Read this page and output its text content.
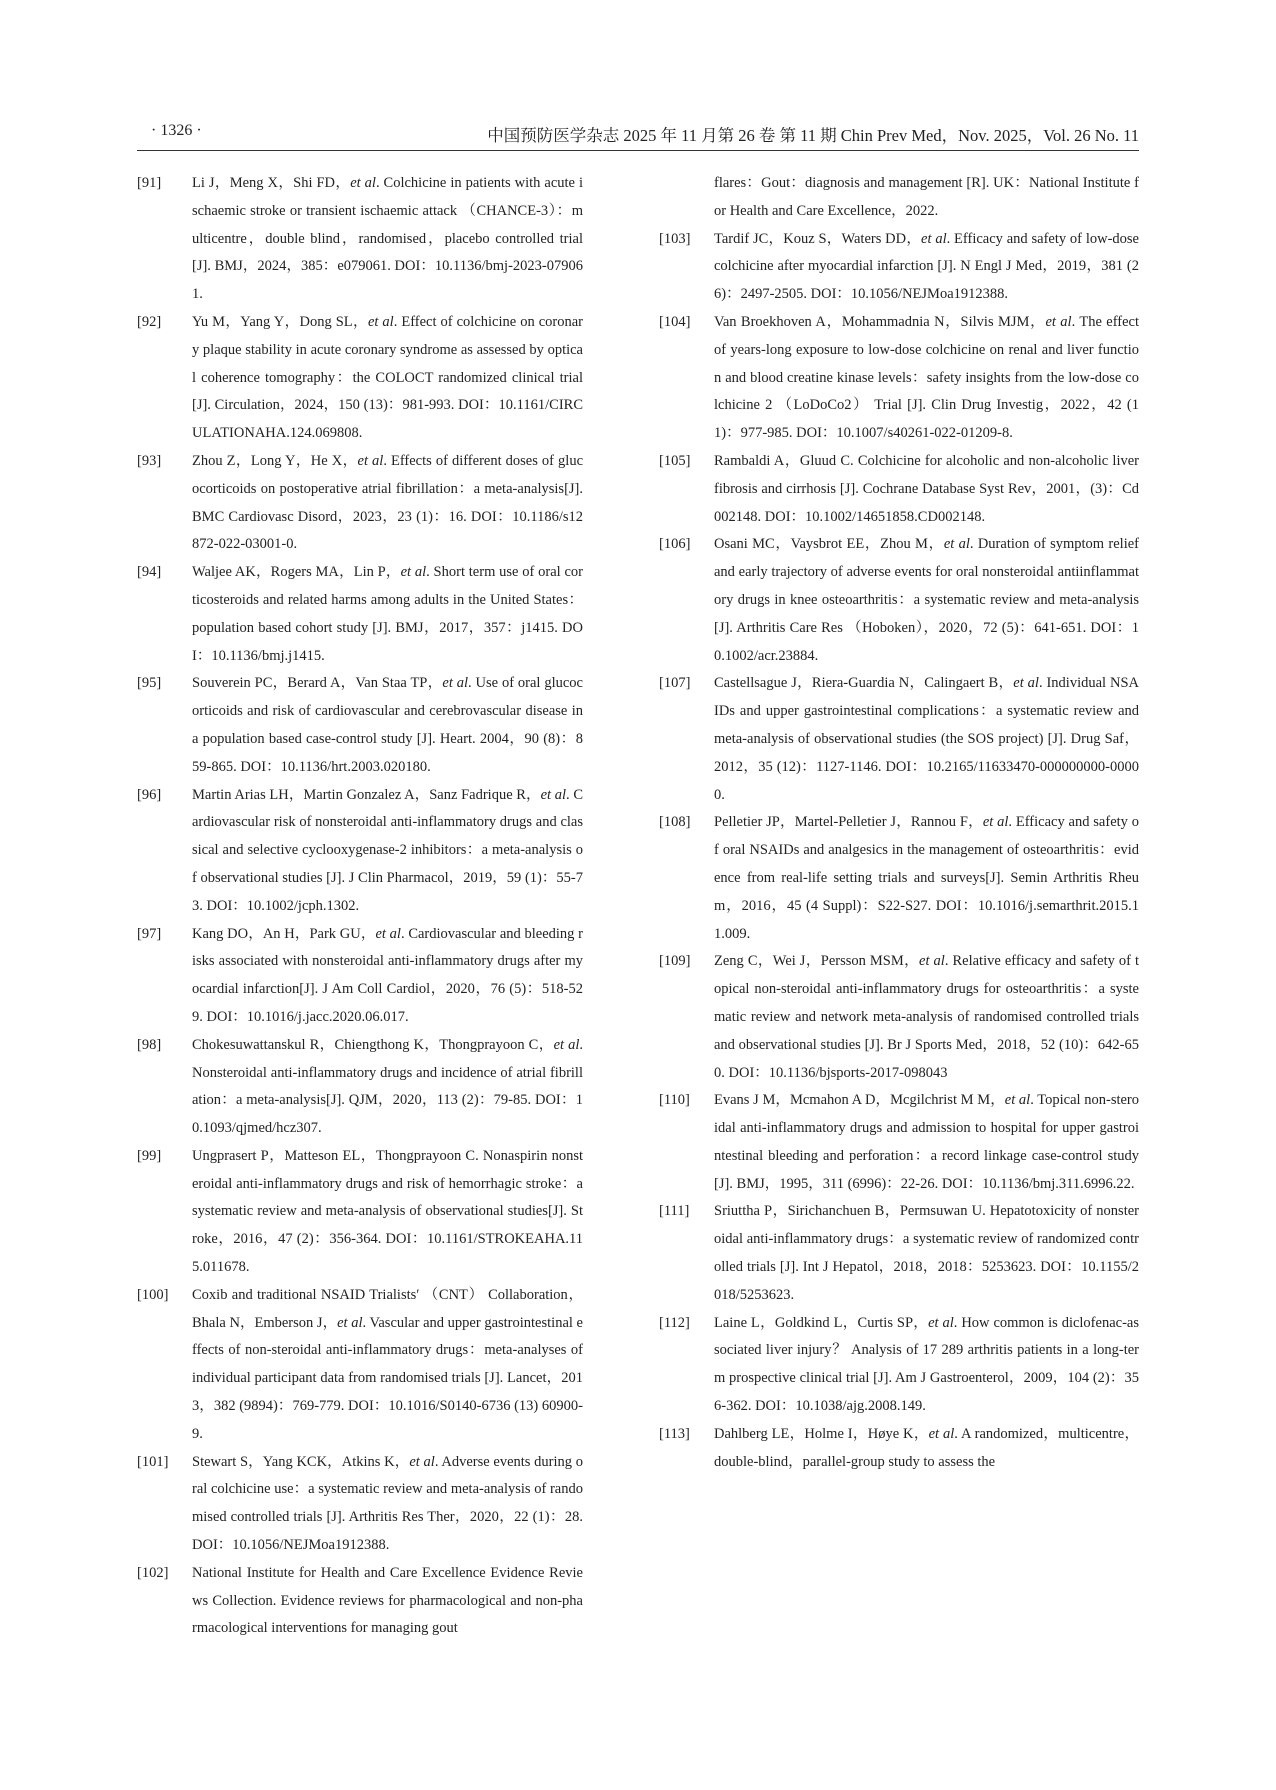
· 1326 ·	中国预防医学杂志 2025 年 11 月第 26 卷 第 11 期 Chin Prev Med，Nov. 2025，Vol. 26 No. 11
[91]	Li J，Meng X，Shi FD，et al. Colchicine in patients with acute ischaemic stroke or transient ischaemic attack （CHANCE-3）：multicentre，double blind，randomised，placebo controlled trial [J]. BMJ，2024，385：e079061. DOI：10.1136/bmj-2023-079061.
[92]	Yu M，Yang Y，Dong SL，et al. Effect of colchicine on coronary plaque stability in acute coronary syndrome as assessed by optical coherence tomography：the COLOCT randomized clinical trial[J]. Circulation，2024，150 (13)：981-993. DOI：10.1161/CIRCULATIONAHA.124.069808.
[93]	Zhou Z，Long Y，He X，et al. Effects of different doses of glucocorticoids on postoperative atrial fibrillation：a meta-analysis[J]. BMC Cardiovasc Disord，2023，23 (1)：16. DOI：10.1186/s12872-022-03001-0.
[94]	Waljee AK，Rogers MA，Lin P，et al. Short term use of oral corticosteroids and related harms among adults in the United States：population based cohort study [J]. BMJ，2017，357：j1415. DOI：10.1136/bmj.j1415.
[95]	Souverein PC，Berard A，Van Staa TP，et al. Use of oral glucocorticoids and risk of cardiovascular and cerebrovascular disease in a population based case-control study [J]. Heart. 2004，90 (8)：859-865. DOI：10.1136/hrt.2003.020180.
[96]	Martin Arias LH，Martin Gonzalez A，Sanz Fadrique R，et al. Cardiovascular risk of nonsteroidal anti-inflammatory drugs and classical and selective cyclooxygenase-2 inhibitors：a meta-analysis of observational studies [J]. J Clin Pharmacol，2019，59 (1)：55-73. DOI：10.1002/jcph.1302.
[97]	Kang DO，An H，Park GU，et al. Cardiovascular and bleeding risks associated with nonsteroidal anti-inflammatory drugs after myocardial infarction[J]. J Am Coll Cardiol，2020，76 (5)：518-529. DOI：10.1016/j.jacc.2020.06.017.
[98]	Chokesuwattanskul R，Chiengthong K，Thongprayoon C，et al. Nonsteroidal anti-inflammatory drugs and incidence of atrial fibrillation：a meta-analysis[J]. QJM，2020，113 (2)：79-85. DOI：10.1093/qjmed/hcz307.
[99]	Ungprasert P，Matteson EL，Thongprayoon C. Nonaspirin nonsteroidal anti-inflammatory drugs and risk of hemorrhagic stroke：a systematic review and meta-analysis of observational studies[J]. Stroke，2016，47 (2)：356-364. DOI：10.1161/STROKEAHA.115.011678.
[100]	Coxib and traditional NSAID Trialists′ （CNT） Collaboration，Bhala N，Emberson J，et al. Vascular and upper gastrointestinal effects of non-steroidal anti-inflammatory drugs：meta-analyses of individual participant data from randomised trials [J]. Lancet，2013，382 (9894)：769-779. DOI：10.1016/S0140-6736 (13) 60900-9.
[101]	Stewart S，Yang KCK，Atkins K，et al. Adverse events during oral colchicine use：a systematic review and meta-analysis of randomised controlled trials [J]. Arthritis Res Ther，2020，22 (1)：28. DOI：10.1056/NEJMoa1912388.
[102]	National Institute for Health and Care Excellence Evidence Reviews Collection. Evidence reviews for pharmacological and non-pharmacological interventions for managing gout
flares：Gout：diagnosis and management [R]. UK：National Institute for Health and Care Excellence，2022.
[103]	Tardif JC，Kouz S，Waters DD，et al. Efficacy and safety of low-dose colchicine after myocardial infarction [J]. N Engl J Med，2019，381 (26)：2497-2505. DOI：10.1056/NEJMoa1912388.
[104]	Van Broekhoven A，Mohammadnia N，Silvis MJM，et al. The effect of years-long exposure to low-dose colchicine on renal and liver function and blood creatine kinase levels：safety insights from the low-dose colchicine 2 （LoDoCo2） Trial [J]. Clin Drug Investig，2022，42 (11)：977-985. DOI：10.1007/s40261-022-01209-8.
[105]	Rambaldi A，Gluud C. Colchicine for alcoholic and non-alcoholic liver fibrosis and cirrhosis [J]. Cochrane Database Syst Rev，2001，(3)：Cd002148. DOI：10.1002/14651858.CD002148.
[106]	Osani MC，Vaysbrot EE，Zhou M，et al. Duration of symptom relief and early trajectory of adverse events for oral nonsteroidal antiinflammatory drugs in knee osteoarthritis：a systematic review and meta-analysis [J]. Arthritis Care Res （Hoboken），2020，72 (5)：641-651. DOI：10.1002/acr.23884.
[107]	Castellsague J，Riera-Guardia N，Calingaert B，et al. Individual NSAIDs and upper gastrointestinal complications：a systematic review and meta-analysis of observational studies (the SOS project) [J]. Drug Saf，2012，35 (12)：1127-1146. DOI：10.2165/11633470-000000000-00000.
[108]	Pelletier JP，Martel-Pelletier J，Rannou F，et al. Efficacy and safety of oral NSAIDs and analgesics in the management of osteoarthritis：evidence from real-life setting trials and surveys[J]. Semin Arthritis Rheum，2016，45 (4 Suppl)：S22-S27. DOI：10.1016/j.semarthrit.2015.11.009.
[109]	Zeng C，Wei J，Persson MSM，et al. Relative efficacy and safety of topical non-steroidal anti-inflammatory drugs for osteoarthritis：a systematic review and network meta-analysis of randomised controlled trials and observational studies [J]. Br J Sports Med，2018，52 (10)：642-650. DOI：10.1136/bjsports-2017-098043
[110]	Evans J M，Mcmahon A D，Mcgilchrist M M，et al. Topical non-steroidal anti-inflammatory drugs and admission to hospital for upper gastrointestinal bleeding and perforation：a record linkage case-control study [J]. BMJ，1995，311 (6996)：22-26. DOI：10.1136/bmj.311.6996.22.
[111]	Sriuttha P，Sirichanchuen B，Permsuwan U. Hepatotoxicity of nonsteroidal anti-inflammatory drugs：a systematic review of randomized controlled trials [J]. Int J Hepatol，2018，2018：5253623. DOI：10.1155/2018/5253623.
[112]	Laine L，Goldkind L，Curtis SP，et al. How common is diclofenac-associated liver injury？ Analysis of 17 289 arthritis patients in a long-term prospective clinical trial [J]. Am J Gastroenterol，2009，104 (2)：356-362. DOI：10.1038/ajg.2008.149.
[113]	Dahlberg LE，Holme I，Høye K，et al. A randomized，multicentre，double-blind，parallel-group study to assess the
